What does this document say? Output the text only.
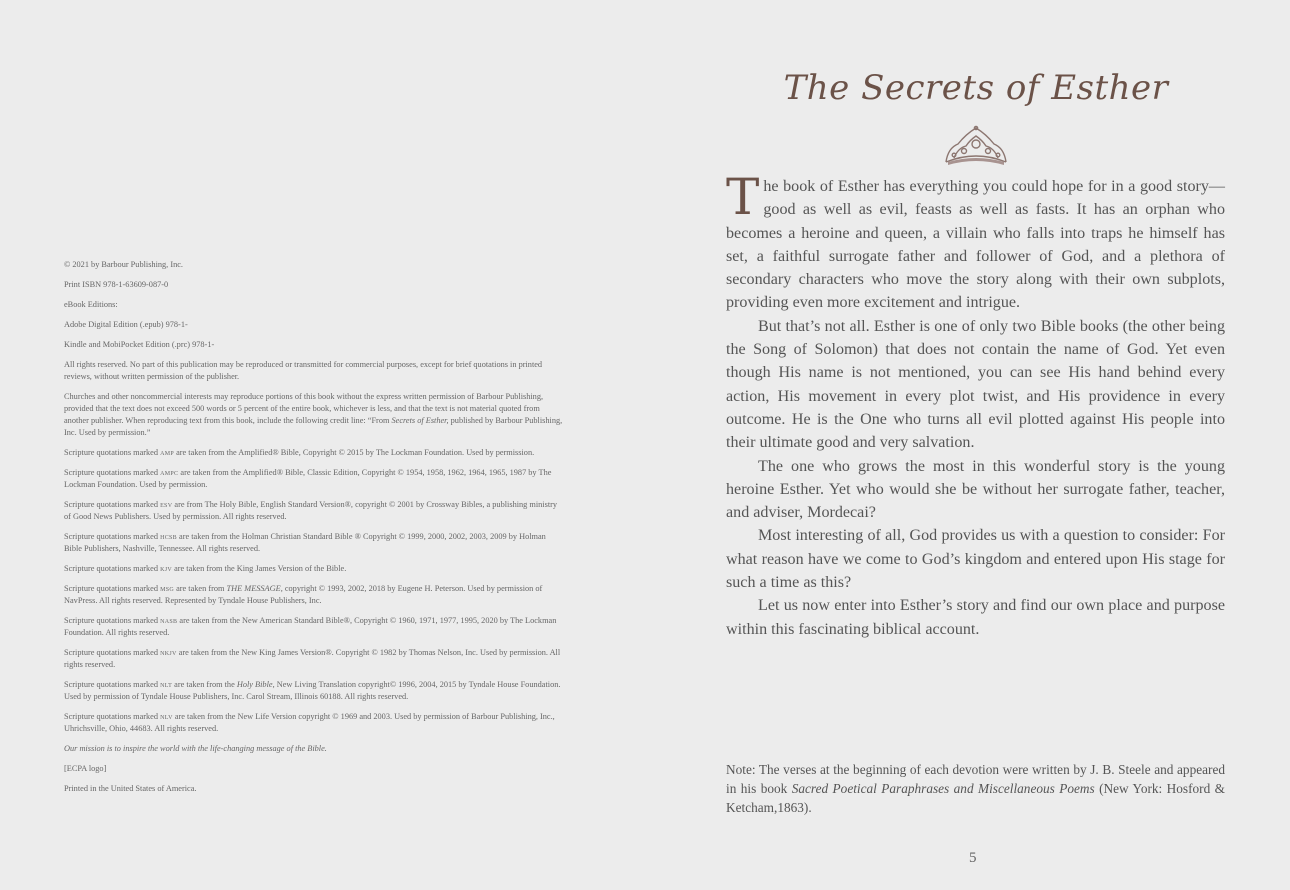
© 2021 by Barbour Publishing, Inc.

Print ISBN 978-1-63609-087-0

eBook Editions:

Adobe Digital Edition (.epub) 978-1-

Kindle and MobiPocket Edition (.prc) 978-1-

All rights reserved. No part of this publication may be reproduced or transmitted for commercial purposes, except for brief quotations in printed reviews, without written permission of the publisher.

Churches and other noncommercial interests may reproduce portions of this book without the express written permission of Barbour Publishing, provided that the text does not exceed 500 words or 5 percent of the entire book, whichever is less, and that the text is not material quoted from another publisher. When reproducing text from this book, include the following credit line: “From Secrets of Esther, published by Barbour Publishing, Inc. Used by permission.”

Scripture quotations marked amp are taken from the Amplified® Bible, Copyright © 2015 by The Lockman Foundation. Used by permission.

Scripture quotations marked ampc are taken from the Amplified® Bible, Classic Edition, Copyright © 1954, 1958, 1962, 1964, 1965, 1987 by The Lockman Foundation. Used by permission.

Scripture quotations marked esv are from The Holy Bible, English Standard Version®, copyright © 2001 by Crossway Bibles, a publishing ministry of Good News Publishers. Used by permission. All rights reserved.

Scripture quotations marked hcsb are taken from the Holman Christian Standard Bible ® Copyright © 1999, 2000, 2002, 2003, 2009 by Holman Bible Publishers, Nashville, Tennessee. All rights reserved.

Scripture quotations marked kjv are taken from the King James Version of the Bible.

Scripture quotations marked msg are taken from THE MESSAGE, copyright © 1993, 2002, 2018 by Eugene H. Peterson. Used by permission of NavPress. All rights reserved. Represented by Tyndale House Publishers, Inc.

Scripture quotations marked nasb are taken from the New American Standard Bible®, Copyright © 1960, 1971, 1977, 1995, 2020 by The Lockman Foundation. All rights reserved.

Scripture quotations marked nkjv are taken from the New King James Version®. Copyright © 1982 by Thomas Nelson, Inc. Used by permission. All rights reserved.

Scripture quotations marked nlt are taken from the Holy Bible, New Living Translation copyright© 1996, 2004, 2015 by Tyndale House Foundation. Used by permission of Tyndale House Publishers, Inc. Carol Stream, Illinois 60188. All rights reserved.

Scripture quotations marked nlv are taken from the New Life Version copyright © 1969 and 2003. Used by permission of Barbour Publishing, Inc., Uhrichsville, Ohio, 44683. All rights reserved.

Our mission is to inspire the world with the life-changing message of the Bible.

[ECPA logo]

Printed in the United States of America.

The Secrets of Esther

The book of Esther has everything you could hope for in a good story—good as well as evil, feasts as well as fasts. It has an orphan who becomes a heroine and queen, a villain who falls into traps he himself has set, a faithful surrogate father and follower of God, and a plethora of secondary characters who move the story along with their own subplots, providing even more excitement and intrigue.

But that’s not all. Esther is one of only two Bible books (the other being the Song of Solomon) that does not contain the name of God. Yet even though His name is not mentioned, you can see His hand behind every action, His movement in every plot twist, and His providence in every outcome. He is the One who turns all evil plotted against His people into their ultimate good and very salvation.

The one who grows the most in this wonderful story is the young heroine Esther. Yet who would she be without her surrogate father, teacher, and adviser, Mordecai?

Most interesting of all, God provides us with a question to consider: For what reason have we come to God’s kingdom and entered upon His stage for such a time as this?

Let us now enter into Esther’s story and find our own place and purpose within this fascinating biblical account.

Note: The verses at the beginning of each devotion were written by J. B. Steele and appeared in his book Sacred Poetical Paraphrases and Miscellaneous Poems (New York: Hosford & Ketcham,1863).
5
